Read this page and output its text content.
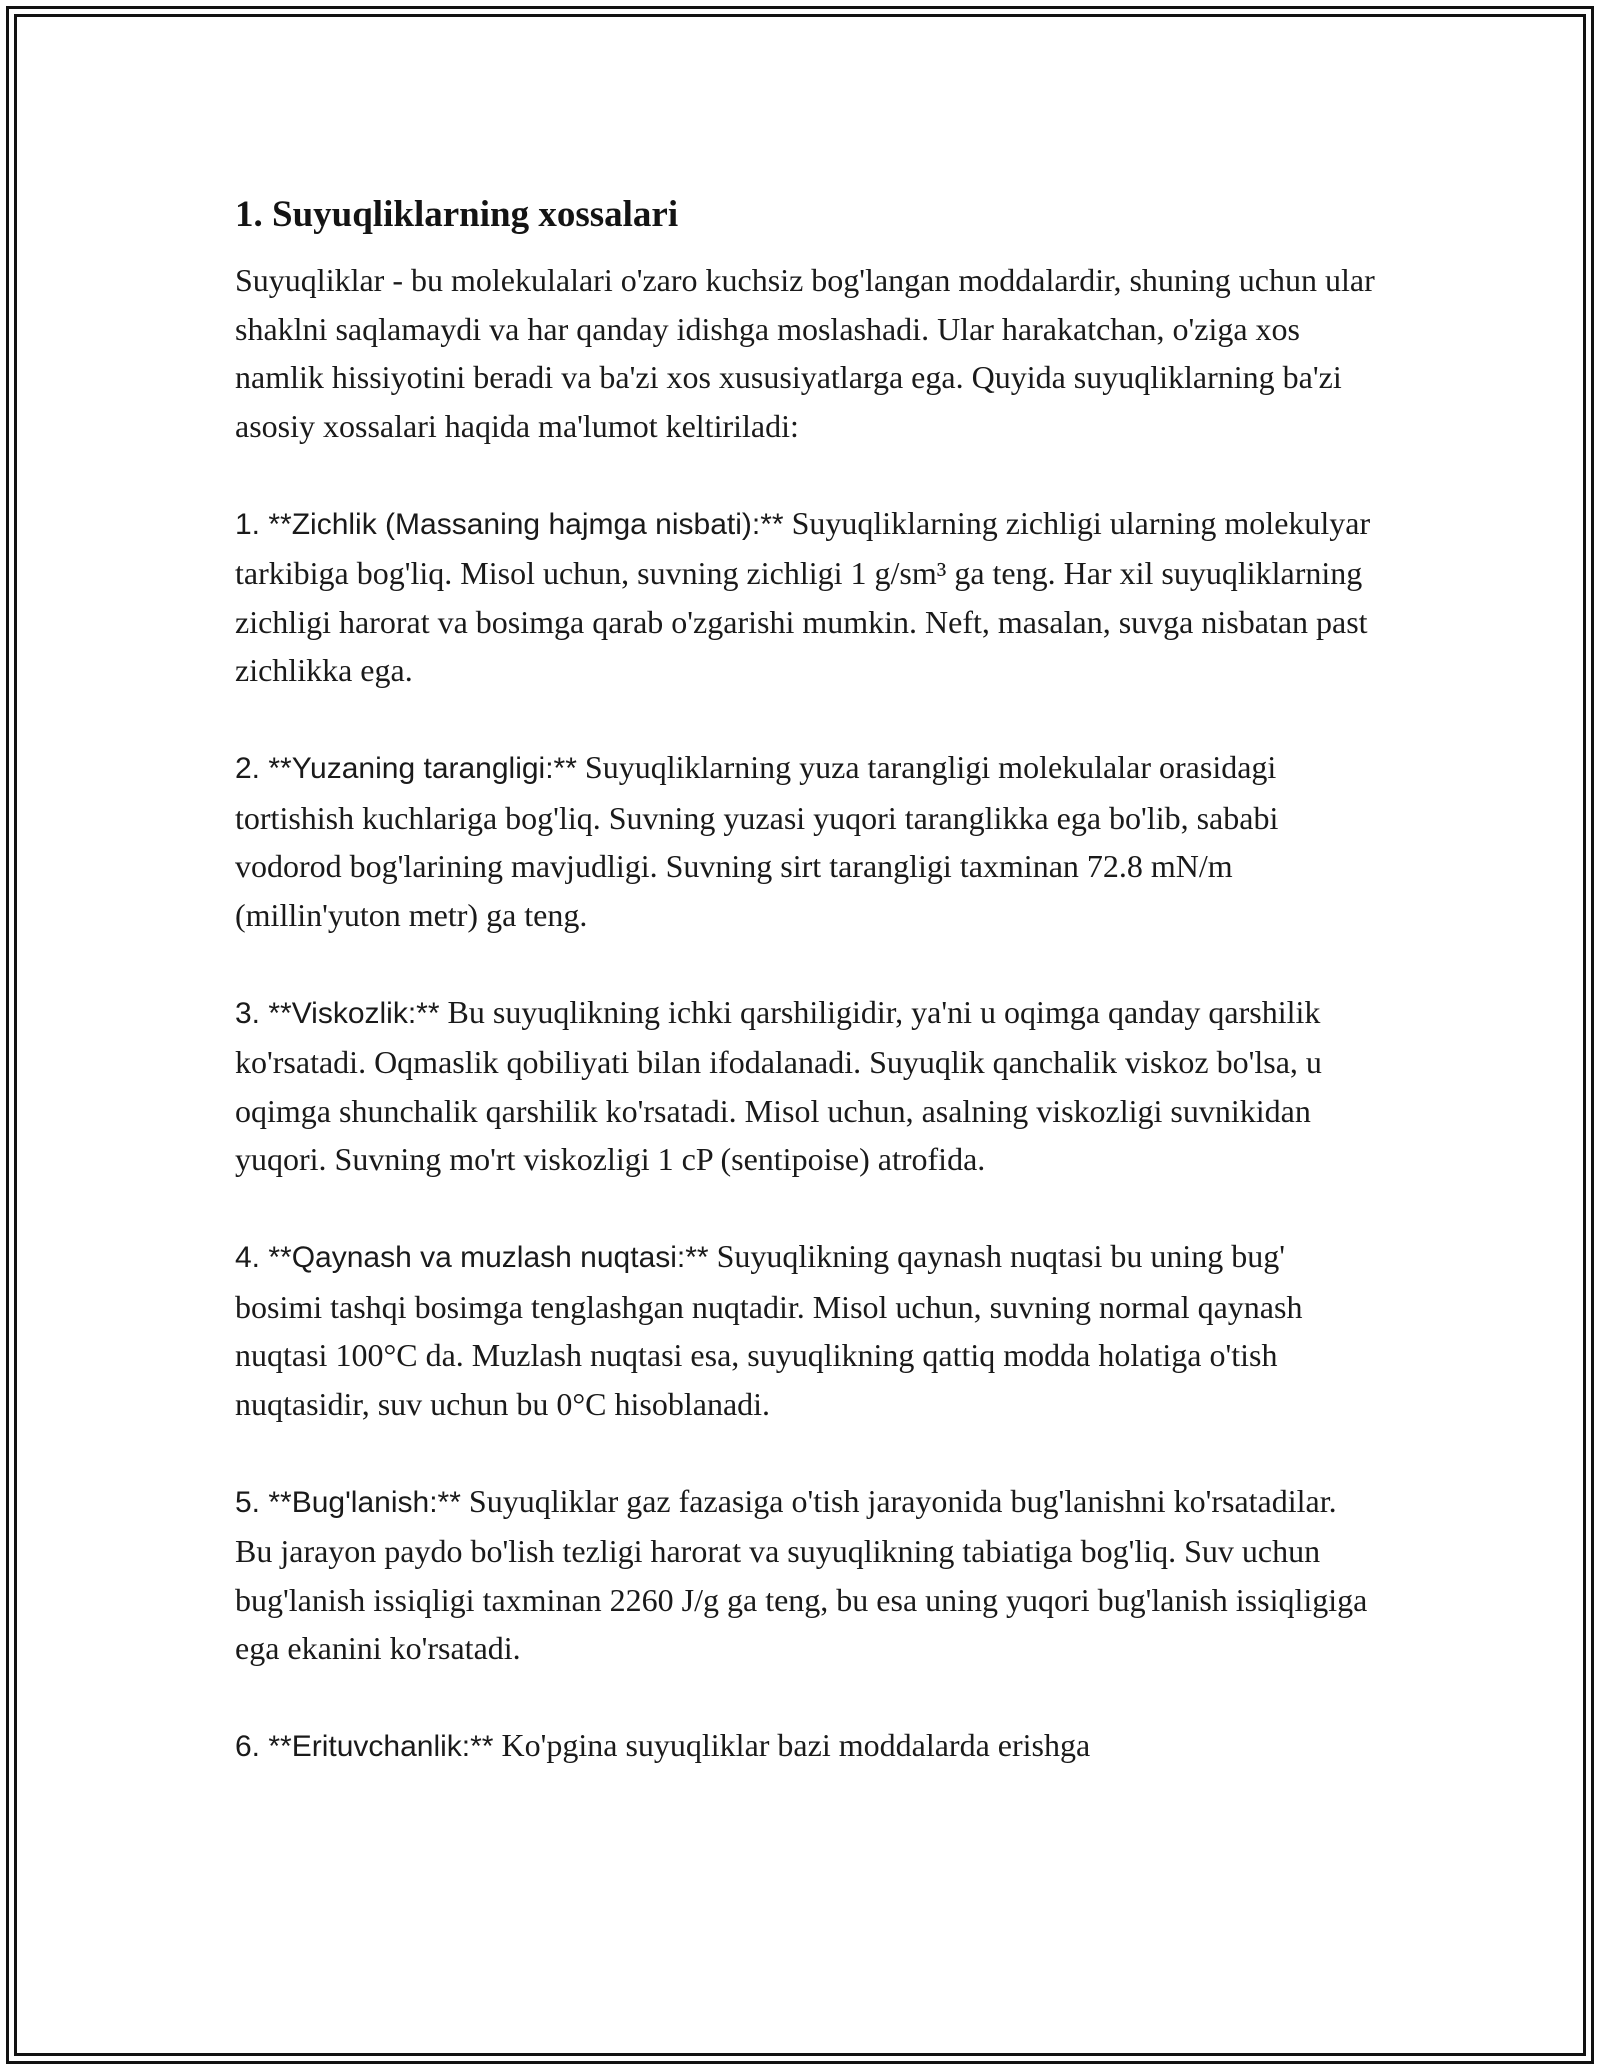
1. Suyuqliklarning xossalari

Suyuqliklar - bu molekulalari o'zaro kuchsiz bog'langan moddalardir, shuning uchun ular shaklni saqlamaydi va har qanday idishga moslashadi. Ular harakatchan, o'ziga xos namlik hissiyotini beradi va ba'zi xos xususiyatlarga ega. Quyida suyuqliklarning ba'zi asosiy xossalari haqida ma'lumot keltiriladi:

1. **Zichlik (Massaning hajmga nisbati):** Suyuqliklarning zichligi ularning molekulyar tarkibiga bog'liq. Misol uchun, suvning zichligi 1 g/sm³ ga teng. Har xil suyuqliklarning zichligi harorat va bosimga qarab o'zgarishi mumkin. Neft, masalan, suvga nisbatan past zichlikka ega.

2. **Yuzaning tarangligi:** Suyuqliklarning yuza tarangligi molekulalar orasidagi tortishish kuchlariga bog'liq. Suvning yuzasi yuqori taranglikka ega bo'lib, sababi vodorod bog'larining mavjudligi. Suvning sirt tarangligi taxminan 72.8 mN/m (millin'yuton metr) ga teng.

3. **Viskozlik:** Bu suyuqlikning ichki qarshiligidir, ya'ni u oqimga qanday qarshilik ko'rsatadi. Oqmaslik qobiliyati bilan ifodalanadi. Suyuqlik qanchalik viskoz bo'lsa, u oqimga shunchalik qarshilik ko'rsatadi. Misol uchun, asalning viskozligi suvnikidan yuqori. Suvning mo'rt viskozligi 1 cP (sentipoise) atrofida.

4. **Qaynash va muzlash nuqtasi:** Suyuqlikning qaynash nuqtasi bu uning bug' bosimi tashqi bosimga tenglashgan nuqtadir. Misol uchun, suvning normal qaynash nuqtasi 100°C da. Muzlash nuqtasi esa, suyuqlikning qattiq modda holatiga o'tish nuqtasidir, suv uchun bu 0°C hisoblanadi.

5. **Bug'lanish:** Suyuqliklar gaz fazasiga o'tish jarayonida bug'lanishni ko'rsatadilar. Bu jarayon paydo bo'lish tezligi harorat va suyuqlikning tabiatiga bog'liq. Suv uchun bug'lanish issiqligi taxminan 2260 J/g ga teng, bu esa uning yuqori bug'lanish issiqligiga ega ekanini ko'rsatadi.

6. **Erituvchanlik:** Ko'pgina suyuqliklar bazi moddalarda erishga
